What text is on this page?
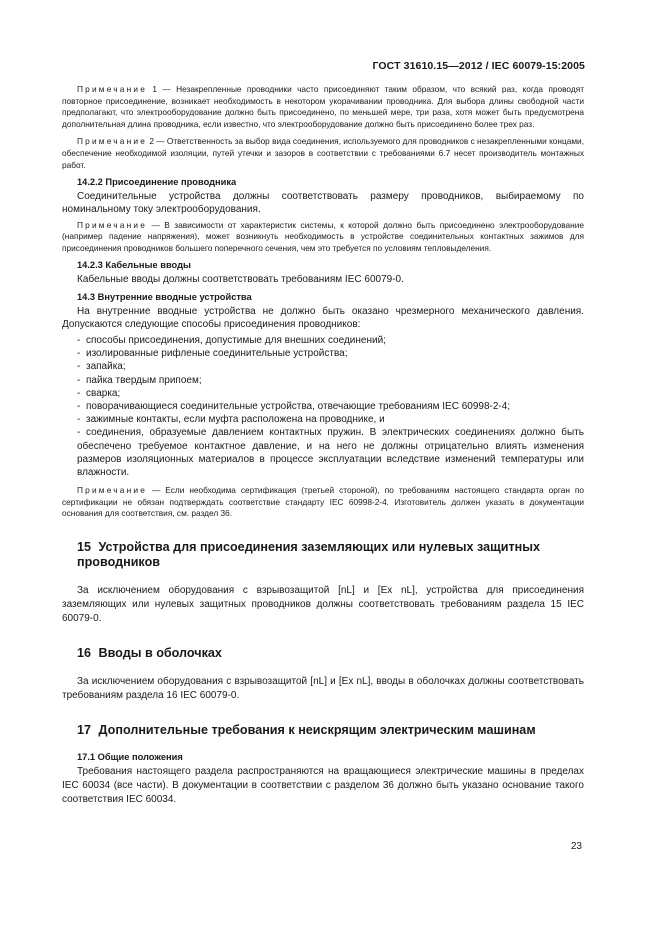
ГОСТ 31610.15—2012 / IEC 60079-15:2005

Примечание 1 — Незакрепленные проводники часто присоединяют таким образом, что всякий раз, когда проводят повторное присоединение, возникает необходимость в некотором укорачивании проводника. Для выбора длины свободной части предполагают, что электрооборудование должно быть присоединено, по меньшей мере, три раза, хотя может быть предусмотрена дополнительная длина проводника, если известно, что электрооборудование должно быть присоединено более трех раз.

Примечание 2 — Ответственность за выбор вида соединения, используемого для проводников с незакрепленными концами, обеспечение необходимой изоляции, путей утечки и зазоров в соответствии с требованиями 6.7 несет производитель монтажных работ.

14.2.2 Присоединение проводника

Соединительные устройства должны соответствовать размеру проводников, выбираемому по номинальному току электрооборудования.

Примечание — В зависимости от характеристик системы, к которой должно быть присоединено электрооборудование (например падение напряжения), может возникнуть необходимость в устройстве соединительных контактных зажимов для присоединения проводников большего поперечного сечения, чем это требуется по условиям тепловыделения.

14.2.3 Кабельные вводы

Кабельные вводы должны соответствовать требованиям IEC 60079-0.

14.3 Внутренние вводные устройства

На внутренние вводные устройства не должно быть оказано чрезмерного механического давления. Допускаются следующие способы присоединения проводников:

- способы присоединения, допустимые для внешних соединений;
- изолированные рифленые соединительные устройства;
- запайка;
- пайка твердым припоем;
- сварка;
- поворачивающиеся соединительные устройства, отвечающие требованиям IEC 60998-2-4;
- зажимные контакты, если муфта расположена на проводнике, и
- соединения, образуемые давлением контактных пружин. В электрических соединениях должно быть обеспечено требуемое контактное давление, и на него не должны отрицательно влиять изменения размеров изоляционных материалов в процессе эксплуатации вследствие изменений температуры или влажности.

Примечание — Если необходима сертификация (третьей стороной), по требованиям настоящего стандарта орган по сертификации не обязан подтверждать соответствие стандарту IEC 60998-2-4. Изготовитель должен указать в документации основания для соответствия, см. раздел 36.

15 Устройства для присоединения заземляющих или нулевых защитных проводников

За исключением оборудования с взрывозащитой [nL] и [Ex nL], устройства для присоединения заземляющих или нулевых защитных проводников должны соответствовать требованиям раздела 15 IEC 60079-0.

16 Вводы в оболочках

За исключением оборудования с взрывозащитой [nL] и [Ex nL], вводы в оболочках должны соответствовать требованиям раздела 16 IEC 60079-0.

17 Дополнительные требования к неискрящим электрическим машинам
17.1 Общие положения

Требования настоящего раздела распространяются на вращающиеся электрические машины в пределах IEC 60034 (все части). В документации в соответствии с разделом 36 должно быть указано основание такого соответствия IEC 60034.

23
